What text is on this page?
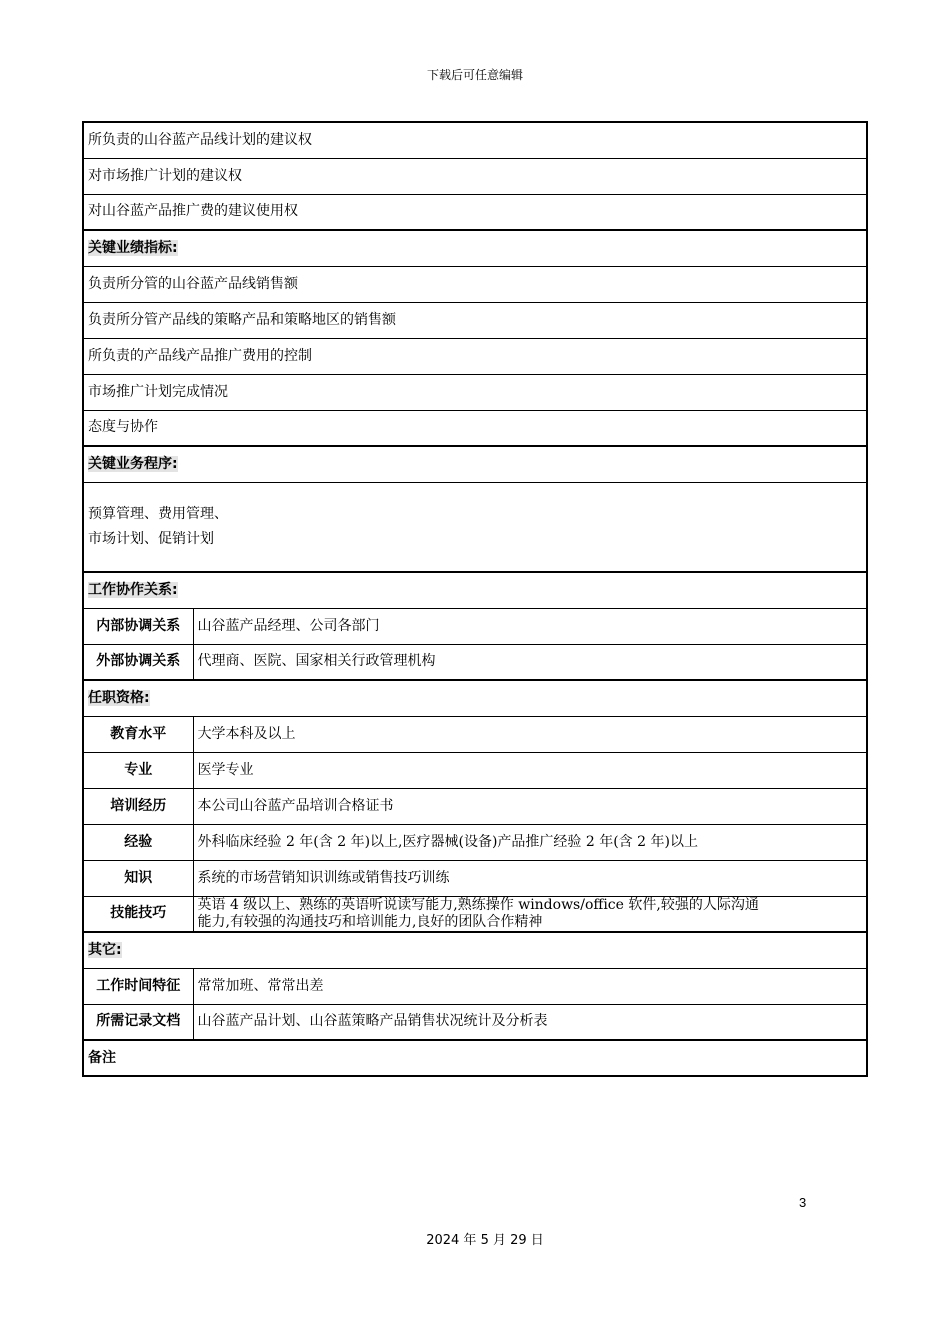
下载后可任意编辑
所负责的山谷蓝产品线计划的建议权	
对市场推广计划的建议权	
对山谷蓝产品推广费的建议使用权	
关键业绩指标:	
负责所分管的山谷蓝产品线销售额	
负责所分管产品线的策略产品和策略地区的销售额	
所负责的产品线产品推广费用的控制	
市场推广计划完成情况	
态度与协作	
关键业务程序:	

预算管理、费用管理、
市场计划、促销计划	

工作协作关系:	
内部协调关系	山谷蓝产品经理、公司各部门
外部协调关系	代理商、医院、国家相关行政管理机构
任职资格:	
教育水平	大学本科及以上
专业	医学专业
培训经历	本公司山谷蓝产品培训合格证书
经验	外科临床经验 2 年(含 2 年)以上,医疗器械(设备)产品推广经验 2 年(含 2 年)以上
知识	系统的市场营销知识训练或销售技巧训练
技能技巧	英语 4 级以上、熟练的英语听说读写能力,熟练操作 windows/office 软件,较强的人际沟通
能力,有较强的沟通技巧和培训能力,良好的团队合作精神

其它:	
工作时间特征	常常加班、常常出差
所需记录文档	山谷蓝产品计划、山谷蓝策略产品销售状况统计及分析表
备注	
3
2024 年 5 月 29 日
